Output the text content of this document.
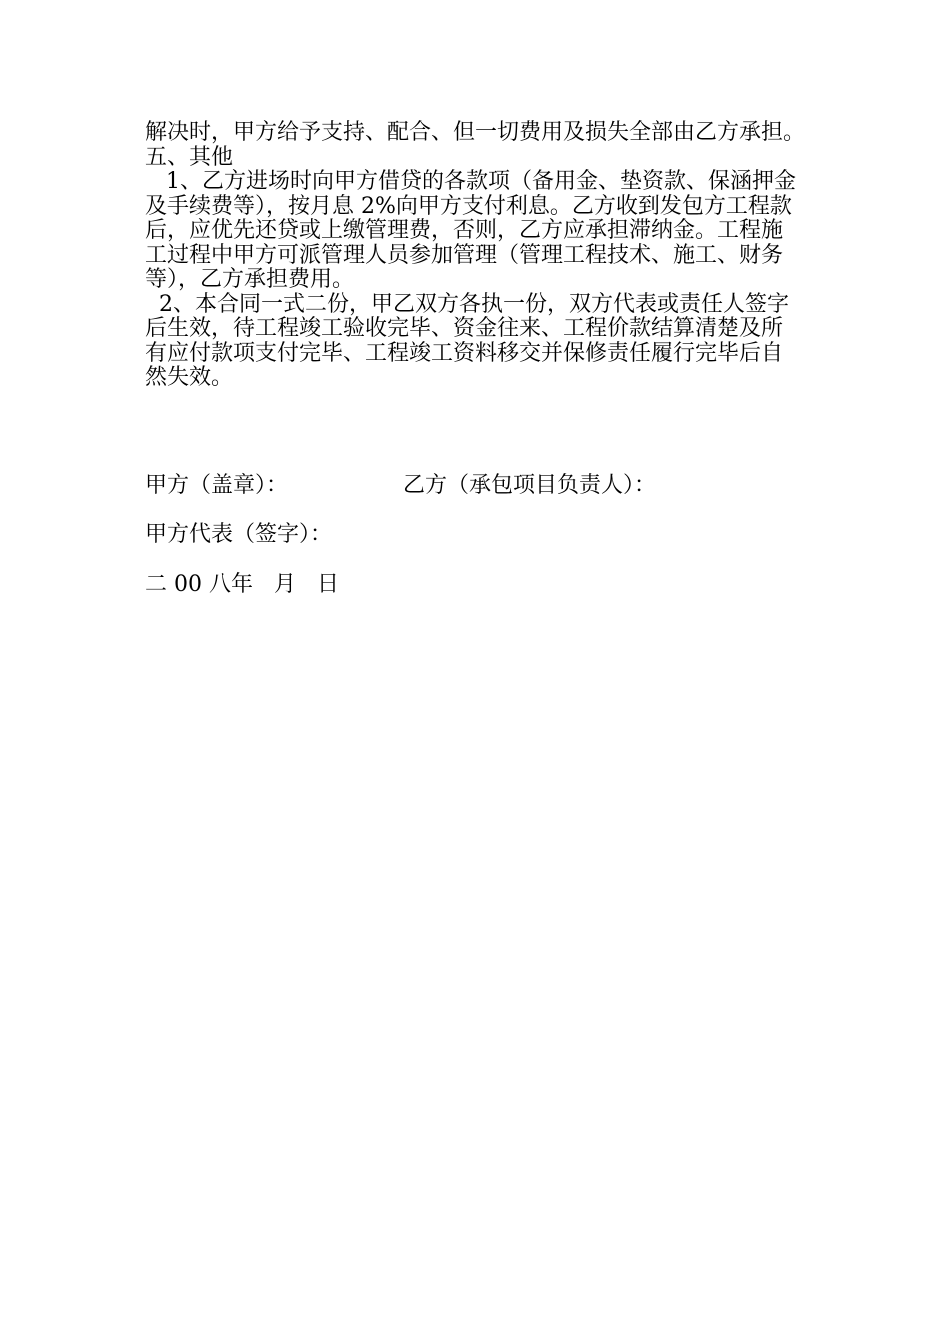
解决时，甲方给予支持、配合、但一切费用及损失全部由乙方承担。
五、其他
1、乙方进场时向甲方借贷的各款项（备用金、垫资款、保涵押金
及手续费等），按月息 2%向甲方支付利息。乙方收到发包方工程款
后，应优先还贷或上缴管理费，否则，乙方应承担滞纳金。工程施
工过程中甲方可派管理人员参加管理（管理工程技术、施工、财务
等），乙方承担费用。
2、本合同一式二份，甲乙双方各执一份，双方代表或责任人签字
后生效，待工程竣工验收完毕、资金往来、工程价款结算清楚及所
有应付款项支付完毕、工程竣工资料移交并保修责任履行完毕后自
然失效。
甲方（盖章）：	乙方（承包项目负责人）：
甲方代表（签字）：
二 00 八年   月   日
